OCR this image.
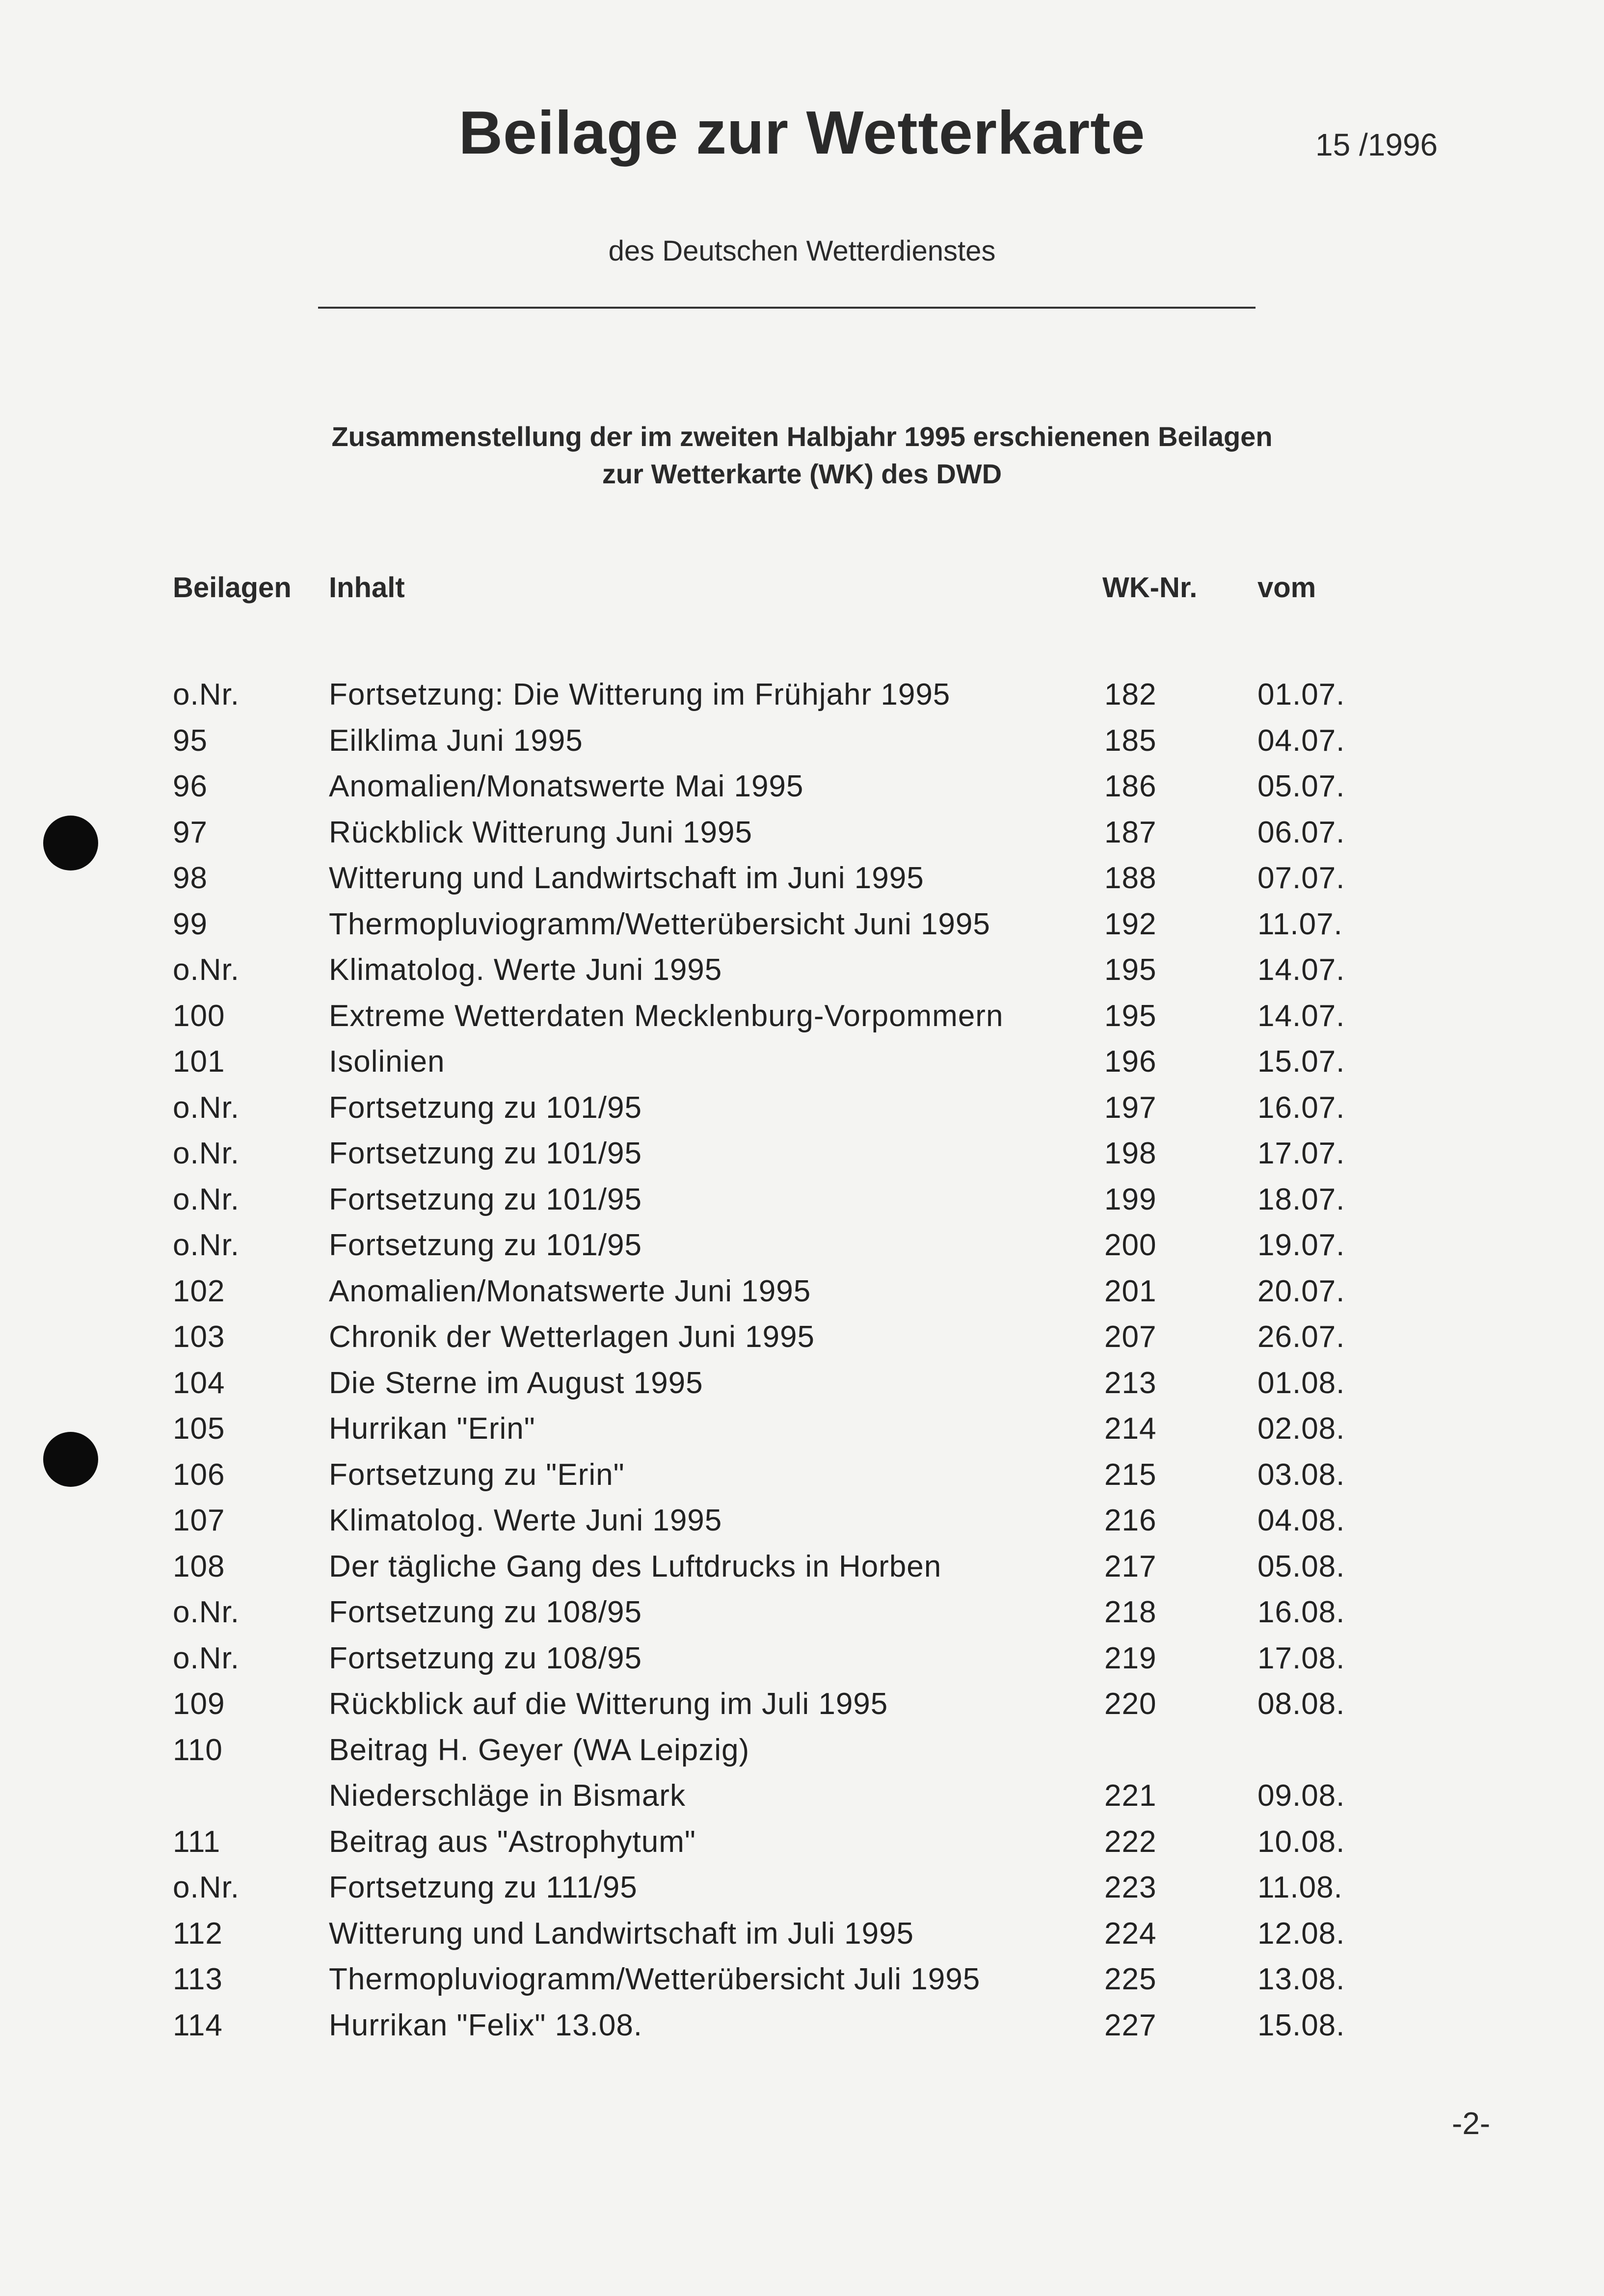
Beilage zur Wetterkarte	15 /1996
des Deutschen Wetterdienstes
Zusammenstellung der im zweiten Halbjahr 1995 erschienenen Beilagen
zur Wetterkarte (WK) des DWD
Beilagen Inhalt	WK-Nr. vom
o.Nr.	Fortsetzung: Die Witterung im Frühjahr 1995	182	01.07.
95	Eilklima Juni 1995	185	04.07.
96	Anomalien/Monatswerte Mai 1995	186	05.07.
97	Rückblick Witterung Juni 1995	187	06.07.
98	Witterung und Landwirtschaft im Juni 1995	188	07.07.
99	Thermopluviogramm/Wetterübersicht Juni 1995	192	11.07.
o.Nr.	Klimatolog. Werte Juni 1995	195	14.07.
100	Extreme Wetterdaten Mecklenburg-Vorpommern	195	14.07.
101	Isolinien	196	15.07.
o.Nr.	Fortsetzung zu 101/95	197	16.07.
o.Nr.	Fortsetzung zu 101/95	198	17.07.
o.Nr.	Fortsetzung zu 101/95	199	18.07.
o.Nr.	Fortsetzung zu 101/95	200	19.07.
102	Anomalien/Monatswerte Juni 1995	201	20.07.
103	Chronik der Wetterlagen Juni 1995	207	26.07.
104	Die Sterne im August 1995	213	01.08.
105	Hurrikan "Erin"	214	02.08.
106	Fortsetzung zu "Erin"	215	03.08.
107	Klimatolog. Werte Juni 1995	216	04.08.
108	Der tägliche Gang des Luftdrucks in Horben	217	05.08.
o.Nr.	Fortsetzung zu 108/95	218	16.08.
o.Nr.	Fortsetzung zu 108/95	219	17.08.
109	Rückblick auf die Witterung im Juli 1995	220	08.08.
110	Beitrag H. Geyer (WA Leipzig)
Niederschläge in Bismark	221	09.08.
111	Beitrag aus "Astrophytum"	222	10.08.
o.Nr.	Fortsetzung zu 111/95	223	11.08.
112	Witterung und Landwirtschaft im Juli 1995	224	12.08.
113	Thermopluviogramm/Wetterübersicht Juli 1995	225	13.08.
114	Hurrikan "Felix" 13.08.	227	15.08.
-2-
